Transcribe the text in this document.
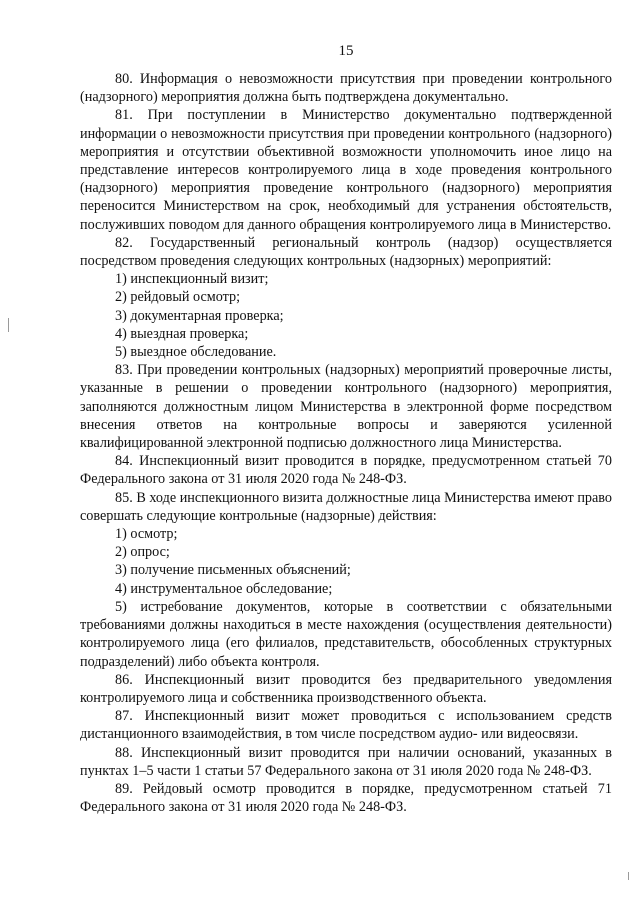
15

80. Информация о невозможности присутствия при проведении контрольного (надзорного) мероприятия должна быть подтверждена документально.

81. При поступлении в Министерство документально подтвержденной информации о невозможности присутствия при проведении контрольного (надзорного) мероприятия и отсутствии объективной возможности уполномочить иное лицо на представление интересов контролируемого лица в ходе проведения контрольного (надзорного) мероприятия проведение контрольного (надзорного) мероприятия переносится Министерством на срок, необходимый для устранения обстоятельств, послуживших поводом для данного обращения контролируемого лица в Министерство.

82. Государственный региональный контроль (надзор) осуществляется посредством проведения следующих контрольных (надзорных) мероприятий:

1) инспекционный визит;

2) рейдовый осмотр;

3) документарная проверка;

4) выездная проверка;

5) выездное обследование.

83. При проведении контрольных (надзорных) мероприятий проверочные листы, указанные в решении о проведении контрольного (надзорного) мероприятия, заполняются должностным лицом Министерства в электронной форме посредством внесения ответов на контрольные вопросы и заверяются усиленной квалифицированной электронной подписью должностного лица Министерства.

84. Инспекционный визит проводится в порядке, предусмотренном статьей 70 Федерального закона от 31 июля 2020 года № 248-ФЗ.

85. В ходе инспекционного визита должностные лица Министерства имеют право совершать следующие контрольные (надзорные) действия:

1) осмотр;

2) опрос;

3) получение письменных объяснений;

4) инструментальное обследование;

5) истребование документов, которые в соответствии с обязательными требованиями должны находиться в месте нахождения (осуществления деятельности) контролируемого лица (его филиалов, представительств, обособленных структурных подразделений) либо объекта контроля.

86. Инспекционный визит проводится без предварительного уведомления контролируемого лица и собственника производственного объекта.

87. Инспекционный визит может проводиться с использованием средств дистанционного взаимодействия, в том числе посредством аудио- или видеосвязи.

88. Инспекционный визит проводится при наличии оснований, указанных в пунктах 1–5 части 1 статьи 57 Федерального закона от 31 июля 2020 года № 248-ФЗ.

89. Рейдовый осмотр проводится в порядке, предусмотренном статьей 71 Федерального закона от 31 июля 2020 года № 248-ФЗ.
